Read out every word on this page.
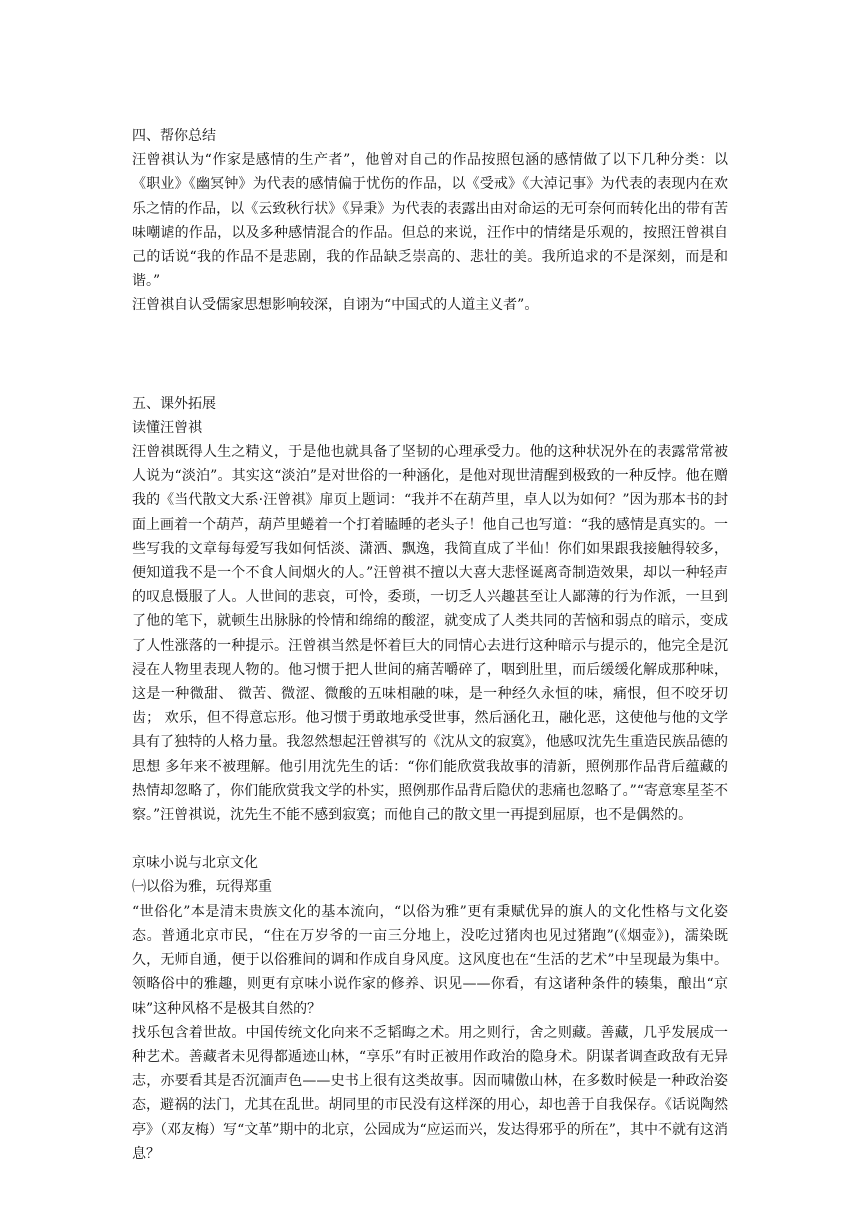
四、帮你总结

汪曾祺认为“作家是感情的生产者”，他曾对自己的作品按照包涵的感情做了以下几种分类：以《职业》《幽冥钟》为代表的感情偏于忧伤的作品，以《受戒》《大淖记事》为代表的表现内在欢乐之情的作品，以《云致秋行状》《异秉》为代表的表露出由对命运的无可奈何而转化出的带有苦味嘲谑的作品，以及多种感情混合的作品。但总的来说，汪作中的情绪是乐观的，按照汪曾祺自己的话说“我的作品不是悲剧，我的作品缺乏崇高的、悲壮的美。我所追求的不是深刻，而是和谐。”

汪曾祺自认受儒家思想影响较深，自诩为“中国式的人道主义者”。

五、课外拓展

读懂汪曾祺

汪曾祺既得人生之精义，于是他也就具备了坚韧的心理承受力。他的这种状况外在的表露常常被人说为“淡泊”。其实这“淡泊”是对世俗的一种涵化，是他对现世清醒到极致的一种反悖。他在赠我的《当代散文大系·汪曾祺》扉页上题词：“我并不在葫芦里，卓人以为如何？”因为那本书的封面上画着一个葫芦，葫芦里蜷着一个打着瞌睡的老头子！他自己也写道：“我的感情是真实的。一些写我的文章每每爱写我如何恬淡、潇洒、飘逸，我简直成了半仙！你们如果跟我接触得较多，便知道我不是一个不食人间烟火的人。”汪曾祺不擅以大喜大悲怪诞离奇制造效果，却以一种轻声的叹息慑服了人。人世间的悲哀，可怜，委琐，一切乏人兴趣甚至让人鄙薄的行为作派，一旦到了他的笔下，就顿生出脉脉的怜情和绵绵的酸涩，就变成了人类共同的苦恼和弱点的暗示，变成了人性涨落的一种提示。汪曾祺当然是怀着巨大的同情心去进行这种暗示与提示的，他完全是沉浸在人物里表现人物的。他习惯于把人世间的痛苦嚼碎了，咽到肚里，而后缓缓化解成那种味，这是一种微甜、 微苦、微涩、微酸的五味相融的味，是一种经久永恒的味，痛恨，但不咬牙切齿； 欢乐，但不得意忘形。他习惯于勇敢地承受世事，然后涵化丑，融化恶，这使他与他的文学具有了独特的人格力量。我忽然想起汪曾祺写的《沈从文的寂寞》，他感叹沈先生重造民族品德的思想 多年来不被理解。他引用沈先生的话：“你们能欣赏我故事的清新，照例那作品背后蕴藏的热情却忽略了，你们能欣赏我文学的朴实，照例那作品背后隐伏的悲痛也忽略了。”“寄意寒星荃不察。”汪曾祺说，沈先生不能不感到寂寞；而他自己的散文里一再提到屈原，也不是偶然的。

京味小说与北京文化

㈠以俗为雅，玩得郑重

“世俗化”本是清末贵族文化的基本流向，“以俗为雅”更有秉赋优异的旗人的文化性格与文化姿态。普通北京市民，“住在万岁爷的一亩三分地上，没吃过猪肉也见过猪跑”(《烟壶》)，濡染既久，无师自通，便于以俗雅间的调和作成自身风度。这风度也在“生活的艺术”中呈现最为集中。领略俗中的雅趣，则更有京味小说作家的修养、识见——你看，有这诸种条件的辏集，酿出“京味”这种风格不是极其自然的？

找乐包含着世故。中国传统文化向来不乏韬晦之术。用之则行，舍之则藏。善藏，几乎发展成一种艺术。善藏者未见得都遁迹山林，“享乐”有时正被用作政治的隐身术。阴谋者调查政敌有无异志，亦要看其是否沉湎声色——史书上很有这类故事。因而啸傲山林，在多数时候是一种政治姿态，避祸的法门，尤其在乱世。胡同里的市民没有这样深的用心，却也善于自我保存。《话说陶然亭》（邓友梅）写“文革”期中的北京，公园成为“应运而兴，发达得邪乎的所在”，其中不就有这消息？
